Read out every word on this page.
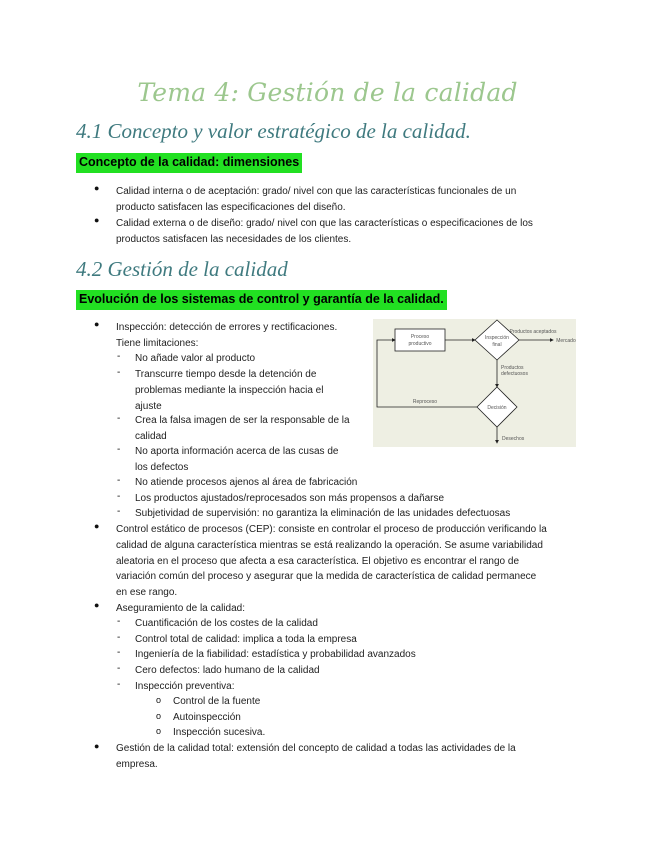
Tema 4: Gestión de la calidad
4.1 Concepto y valor estratégico de la calidad.
Concepto de la calidad: dimensiones
● Calidad interna o de aceptación: grado/ nivel con que las características funcionales de un
producto satisfacen las especificaciones del diseño.
● Calidad externa o de diseño: grado/ nivel con que las características o especificaciones de los
productos satisfacen las necesidades de los clientes.
4.2 Gestión de la calidad
Evolución de los sistemas de control y garantía de la calidad.
● Inspección: detección de errores y rectificaciones.
Tiene limitaciones:
- No añade valor al producto
- Transcurre tiempo desde la detención de
problemas mediante la inspección hacia el
ajuste
- Crea la falsa imagen de ser la responsable de la
calidad
- No aporta información acerca de las cusas de
los defectos
- No atiende procesos ajenos al área de fabricación
- Los productos ajustados/reprocesados son más propensos a dañarse
- Subjetividad de supervisión: no garantiza la eliminación de las unidades defectuosas
Proceso
productivo
Inspección
final
Productos aceptados
Mercado
Productos
defectuosos
Decisión
Reproceso
Desechos
● Control estático de procesos (CEP): consiste en controlar el proceso de producción verificando la
calidad de alguna característica mientras se está realizando la operación. Se asume variabilidad
aleatoria en el proceso que afecta a esa característica. El objetivo es encontrar el rango de
variación común del proceso y asegurar que la medida de característica de calidad permanece
en ese rango.
● Aseguramiento de la calidad:
- Cuantificación de los costes de la calidad
- Control total de calidad: implica a toda la empresa
- Ingeniería de la fiabilidad: estadística y probabilidad avanzados
- Cero defectos: lado humano de la calidad
- Inspección preventiva:
o Control de la fuente
o Autoinspección
o Inspección sucesiva.
● Gestión de la calidad total: extensión del concepto de calidad a todas las actividades de la
empresa.
